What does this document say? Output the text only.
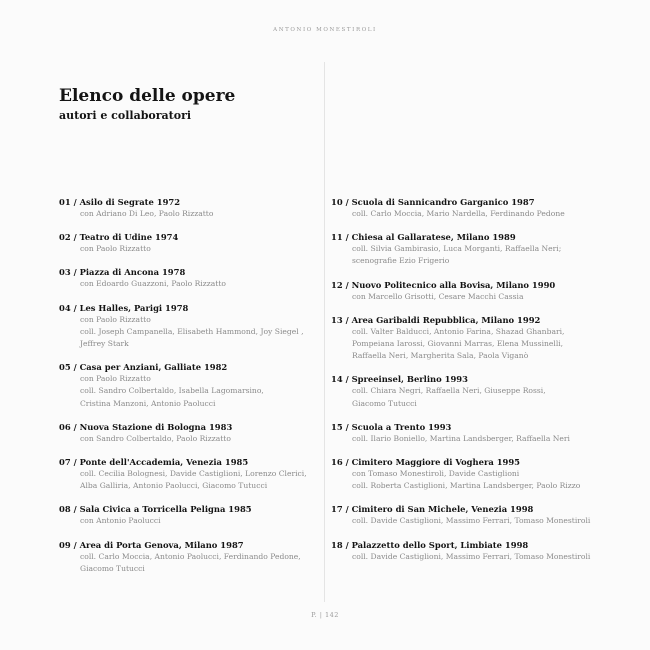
ANTONIO MONESTIROLI
Elenco delle opere
autori e collaboratori
01 / Asilo di Segrate 1972
con Adriano Di Leo, Paolo Rizzatto
02 / Teatro di Udine 1974
con Paolo Rizzatto
03 / Piazza di Ancona 1978
con Edoardo Guazzoni, Paolo Rizzatto
04 / Les Halles, Parigi 1978
con Paolo Rizzatto
coll. Joseph Campanella, Elisabeth Hammond, Joy Siegel ,
Jeffrey Stark
05 / Casa per Anziani, Galliate 1982
con Paolo Rizzatto
coll. Sandro Colbertaldo, Isabella Lagomarsino,
Cristina Manzoni, Antonio Paolucci
06 / Nuova Stazione di Bologna 1983
con Sandro Colbertaldo, Paolo Rizzatto
07 / Ponte dell'Accademia, Venezia 1985
coll. Cecilia Bolognesi, Davide Castiglioni, Lorenzo Clerici,
Alba Galliria, Antonio Paolucci, Giacomo Tutucci
08 / Sala Civica a Torricella Peligna 1985
con Antonio Paolucci
09 / Area di Porta Genova, Milano 1987
coll. Carlo Moccia, Antonio Paolucci, Ferdinando Pedone,
Giacomo Tutucci
10 / Scuola di Sannicandro Garganico 1987
coll. Carlo Moccia, Mario Nardella, Ferdinando Pedone
11 / Chiesa al Gallaratese, Milano 1989
coll. Silvia Gambirasio, Luca Morganti, Raffaella Neri;
scenografie Ezio Frigerio
12 / Nuovo Politecnico alla Bovisa, Milano 1990
con Marcello Grisotti, Cesare Macchi Cassia
13 / Area Garibaldi Repubblica, Milano 1992
coll. Valter Balducci, Antonio Farina, Shazad Ghanbari,
Pompeiana Iarossi, Giovanni Marras, Elena Mussinelli,
Raffaella Neri, Margherita Sala, Paola Viganò
14 / Spreeinsel, Berlino 1993
coll. Chiara Negri, Raffaella Neri, Giuseppe Rossi,
Giacomo Tutucci
15 / Scuola a Trento 1993
coll. Ilario Boniello, Martina Landsberger, Raffaella Neri
16 / Cimitero Maggiore di Voghera 1995
con Tomaso Monestiroli, Davide Castiglioni
coll. Roberta Castiglioni, Martina Landsberger, Paolo Rizzo
17 / Cimitero di San Michele, Venezia 1998
coll. Davide Castiglioni, Massimo Ferrari, Tomaso Monestiroli
18 / Palazzetto dello Sport, Limbiate 1998
coll. Davide Castiglioni, Massimo Ferrari, Tomaso Monestiroli
P. | 142
